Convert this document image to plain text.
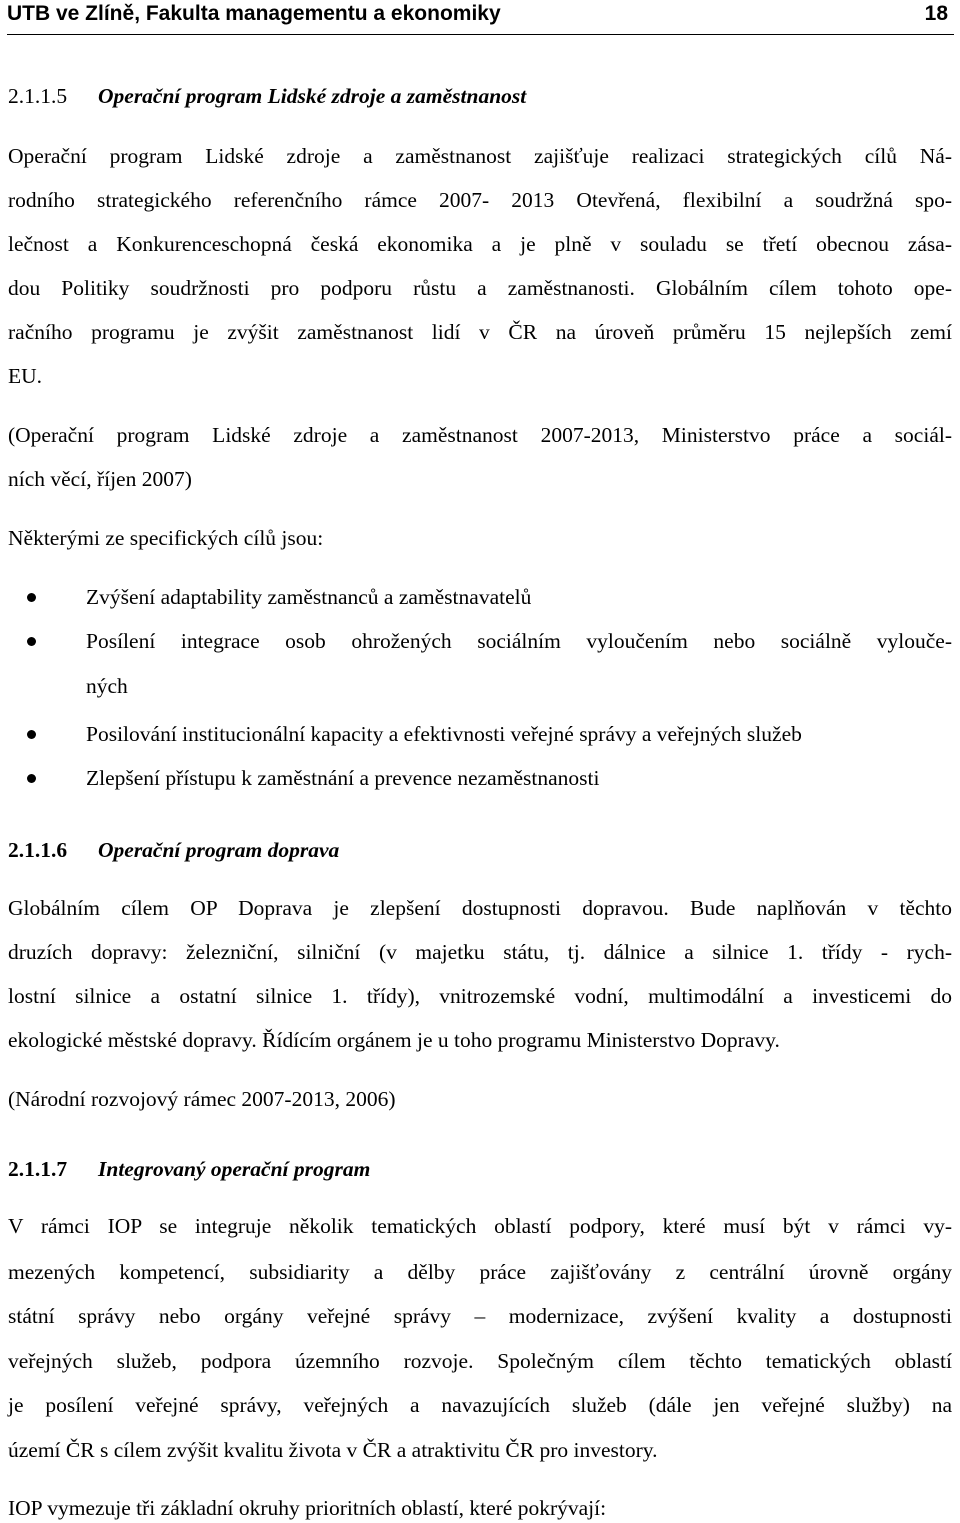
UTB ve Zlíně, Fakulta managementu a ekonomiky	18
2.1.1.5 Operační program Lidské zdroje a zaměstnanost
Operační program Lidské zdroje a zaměstnanost zajišťuje realizaci strategických cílů Ná-
rodního strategického referenčního rámce 2007- 2013 Otevřená, flexibilní a soudržná spo-
lečnost a Konkurenceschopná česká ekonomika a je plně v souladu se třetí obecnou zása-
dou Politiky soudržnosti pro podporu růstu a zaměstnanosti. Globálním cílem tohoto ope-
račního programu je zvýšit zaměstnanost lidí v ČR na úroveň průměru 15 nejlepších zemí
EU.
(Operační program Lidské zdroje a zaměstnanost 2007-2013, Ministerstvo práce a sociál-
ních věcí, říjen 2007)
Některými ze specifických cílů jsou:
Zvýšení adaptability zaměstnanců a zaměstnavatelů
Posílení integrace osob ohrožených sociálním vyloučením nebo sociálně vylouče-
ných
Posilování institucionální kapacity a efektivnosti veřejné správy a veřejných služeb
Zlepšení přístupu k zaměstnání a prevence nezaměstnanosti
2.1.1.6 Operační program doprava
Globálním cílem OP Doprava je zlepšení dostupnosti dopravou. Bude naplňován v těchto
druzích dopravy: železniční, silniční (v majetku státu, tj. dálnice a silnice 1. třídy - rych-
lostní silnice a ostatní silnice 1. třídy), vnitrozemské vodní, multimodální a investicemi do
ekologické městské dopravy. Řídícím orgánem je u toho programu Ministerstvo Dopravy.
(Národní rozvojový rámec 2007-2013, 2006)
2.1.1.7 Integrovaný operační program
V rámci IOP se integruje několik tematických oblastí podpory, které musí být v rámci vy-
mezených kompetencí, subsidiarity a dělby práce zajišťovány z centrální úrovně orgány
státní správy nebo orgány veřejné správy – modernizace, zvýšení kvality a dostupnosti
veřejných služeb, podpora územního rozvoje. Společným cílem těchto tematických oblastí
je posílení veřejné správy, veřejných a navazujících služeb (dále jen veřejné služby) na
území ČR s cílem zvýšit kvalitu života v ČR a atraktivitu ČR pro investory.
IOP vymezuje tři základní okruhy prioritních oblastí, které pokrývají:
